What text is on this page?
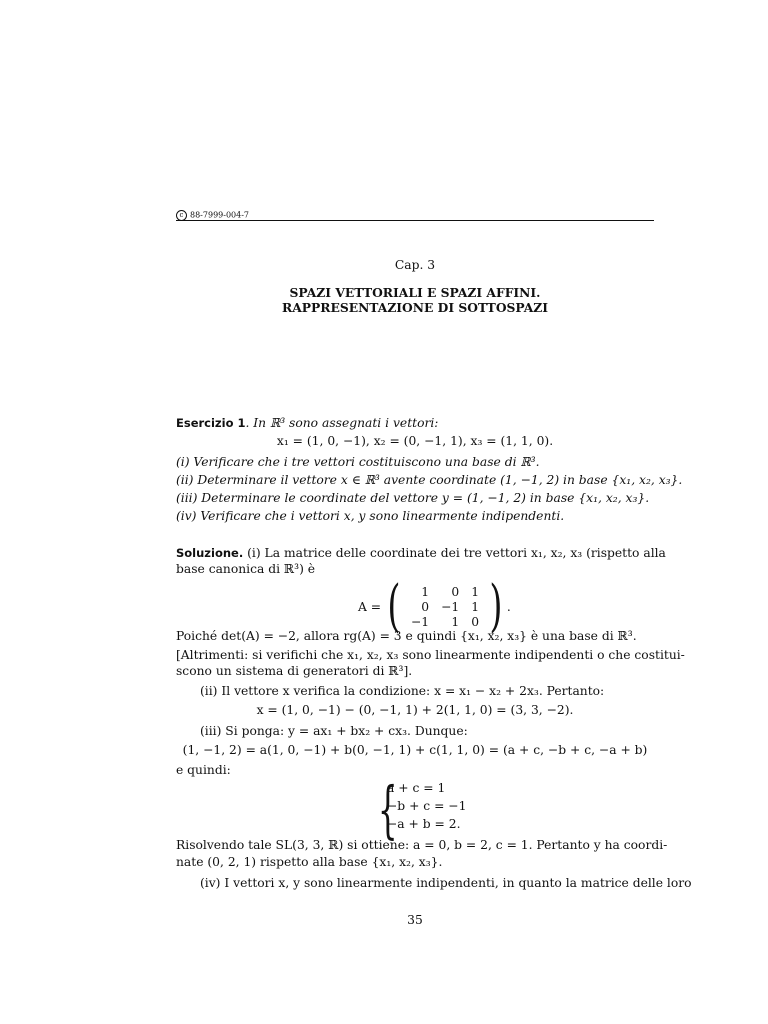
c 88-7999-004-7
Cap. 3
SPAZI VETTORIALI E SPAZI AFFINI.
RAPPRESENTAZIONE DI SOTTOSPAZI
Esercizio 1. In ℝ³ sono assegnati i vettori:
x₁ = (1, 0, −1), x₂ = (0, −1, 1), x₃ = (1, 1, 0).
(i) Verificare che i tre vettori costituiscono una base di ℝ³.
(ii) Determinare il vettore x ∈ ℝ³ avente coordinate (1, −1, 2) in base {x₁, x₂, x₃}.
(iii) Determinare le coordinate del vettore y = (1, −1, 2) in base {x₁, x₂, x₃}.
(iv) Verificare che i vettori x, y sono linearmente indipendenti.
Soluzione. (i) La matrice delle coordinate dei tre vettori x₁, x₂, x₃ (rispetto alla
base canonica di ℝ³) è
A = ( 1	0	1
0	−1	1
−1	1	0 ) .
Poiché det(A) = −2, allora rg(A) = 3 e quindi {x₁, x₂, x₃} è una base di ℝ³.
[Altrimenti: si verifichi che x₁, x₂, x₃ sono linearmente indipendenti o che costitui-
scono un sistema di generatori di ℝ³].
(ii) Il vettore x verifica la condizione: x = x₁ − x₂ + 2x₃. Pertanto:
x = (1, 0, −1) − (0, −1, 1) + 2(1, 1, 0) = (3, 3, −2).
(iii) Si ponga: y = ax₁ + bx₂ + cx₃. Dunque:
(1, −1, 2) = a(1, 0, −1) + b(0, −1, 1) + c(1, 1, 0) = (a + c, −b + c, −a + b)
e quindi:
{
a + c = 1
−b + c = −1
−a + b = 2.
Risolvendo tale SL(3, 3, ℝ) si ottiene: a = 0, b = 2, c = 1. Pertanto y ha coordi-
nate (0, 2, 1) rispetto alla base {x₁, x₂, x₃}.
(iv) I vettori x, y sono linearmente indipendenti, in quanto la matrice delle loro
35
